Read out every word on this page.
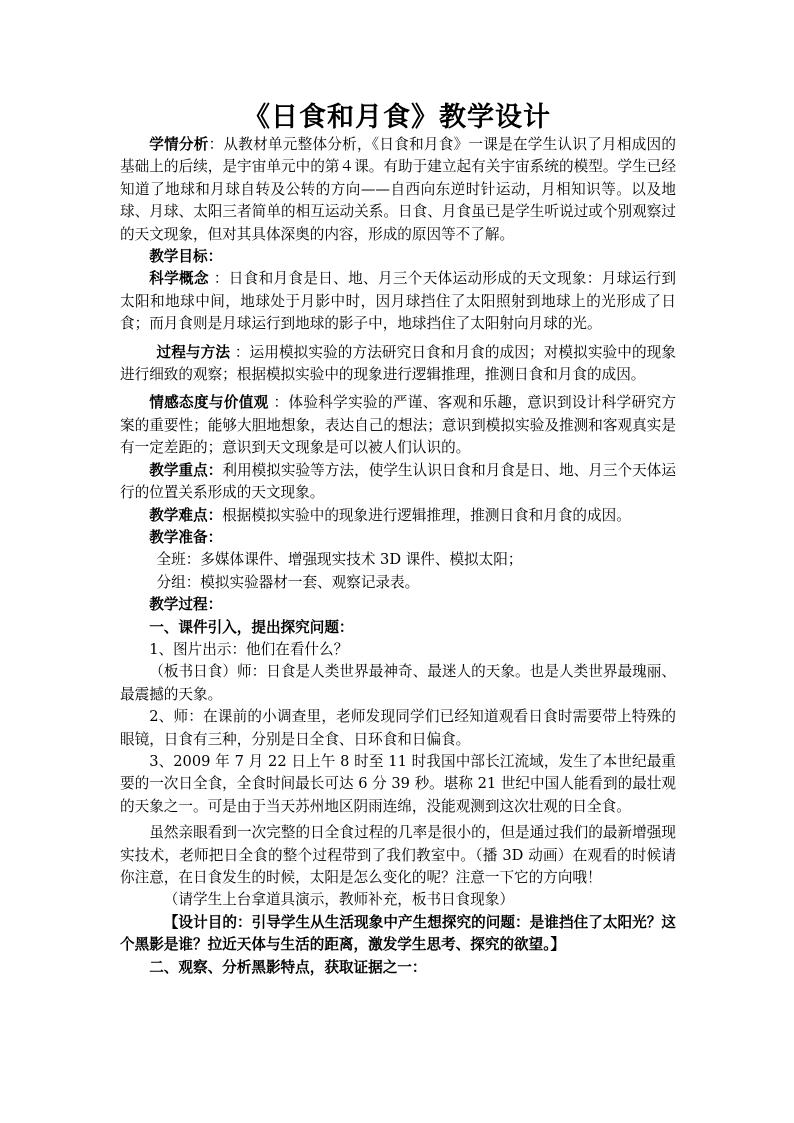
《日食和月食》教学设计

学情分析：从教材单元整体分析，《日食和月食》一课是在学生认识了月相成因的基础上的后续，是宇宙单元中的第４课。有助于建立起有关宇宙系统的模型。学生已经知道了地球和月球自转及公转的方向——自西向东逆时针运动，月相知识等。以及地球、月球、太阳三者简单的相互运动关系。日食、月食虽已是学生听说过或个别观察过的天文现象，但对其具体深奥的内容，形成的原因等不了解。

教学目标：

科学概念 ：日食和月食是日、地、月三个天体运动形成的天文现象：月球运行到太阳和地球中间，地球处于月影中时，因月球挡住了太阳照射到地球上的光形成了日食；而月食则是月球运行到地球的影子中，地球挡住了太阳射向月球的光。

过程与方法 ：运用模拟实验的方法研究日食和月食的成因；对模拟实验中的现象进行细致的观察；根据模拟实验中的现象进行逻辑推理，推测日食和月食的成因。

情感态度与价值观 ：体验科学实验的严谨、客观和乐趣，意识到设计科学研究方案的重要性；能够大胆地想象，表达自己的想法；意识到模拟实验及推测和客观真实是有一定差距的；意识到天文现象是可以被人们认识的。

教学重点：利用模拟实验等方法，使学生认识日食和月食是日、地、月三个天体运行的位置关系形成的天文现象。

教学难点：根据模拟实验中的现象进行逻辑推理，推测日食和月食的成因。

教学准备：

全班：多媒体课件、增强现实技术 3D 课件、模拟太阳；

分组：模拟实验器材一套、观察记录表。

教学过程：

一、课件引入，提出探究问题：

1、图片出示：他们在看什么？

（板书日食）师：日食是人类世界最神奇、最迷人的天象。也是人类世界最瑰丽、最震撼的天象。

2、师：在课前的小调查里，老师发现同学们已经知道观看日食时需要带上特殊的眼镜，日食有三种，分别是日全食、日环食和日偏食。

3、2009 年 7 月 22 日上午 8 时至 11 时我国中部长江流域，发生了本世纪最重要的一次日全食，全食时间最长可达 6 分 39 秒。堪称 21 世纪中国人能看到的最壮观的天象之一。可是由于当天苏州地区阴雨连绵，没能观测到这次壮观的日全食。

虽然亲眼看到一次完整的日全食过程的几率是很小的，但是通过我们的最新增强现实技术，老师把日全食的整个过程带到了我们教室中。（播 3D 动画）在观看的时候请你注意，在日食发生的时候，太阳是怎么变化的呢？注意一下它的方向哦！

（请学生上台拿道具演示，教师补充，板书日食现象）

【设计目的：引导学生从生活现象中产生想探究的问题：是谁挡住了太阳光？这个黑影是谁？拉近天体与生活的距离，激发学生思考、探究的欲望。】

二、观察、分析黑影特点，获取证据之一：
